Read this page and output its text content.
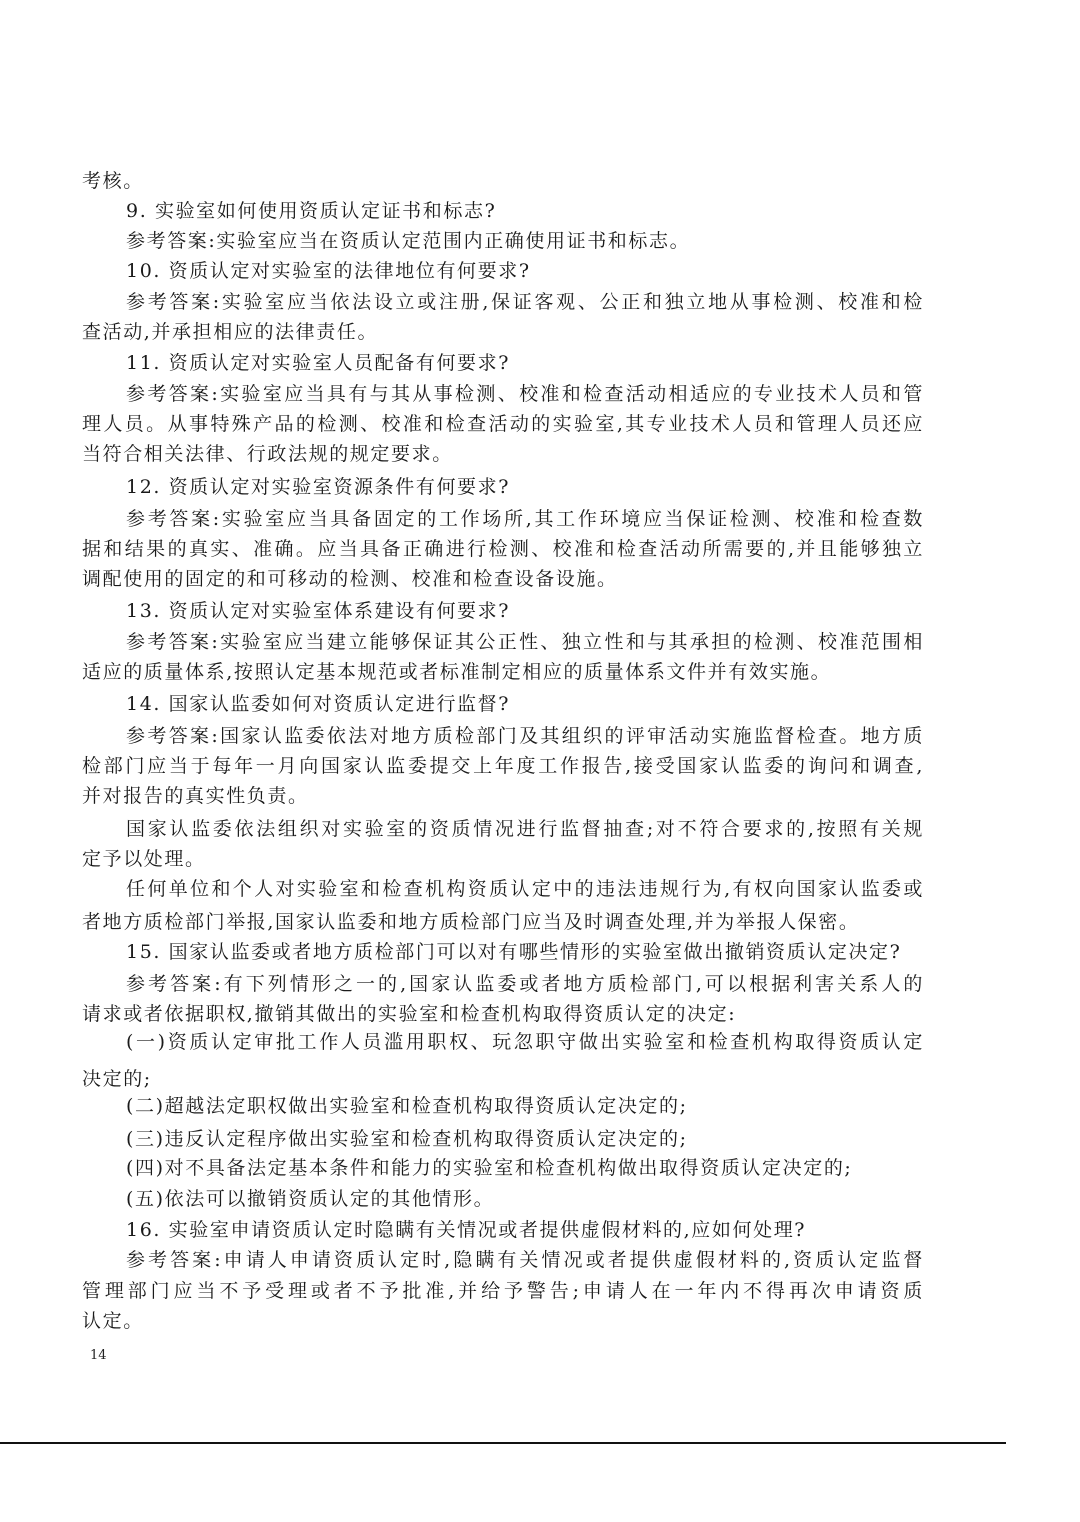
考核。
9. 实验室如何使用资质认定证书和标志?
参考答案:实验室应当在资质认定范围内正确使用证书和标志。
10. 资质认定对实验室的法律地位有何要求?
参考答案:实验室应当依法设立或注册,保证客观、公正和独立地从事检测、校准和检
查活动,并承担相应的法律责任。
11. 资质认定对实验室人员配备有何要求?
参考答案:实验室应当具有与其从事检测、校准和检查活动相适应的专业技术人员和管
理人员。从事特殊产品的检测、校准和检查活动的实验室,其专业技术人员和管理人员还应
当符合相关法律、行政法规的规定要求。
12. 资质认定对实验室资源条件有何要求?
参考答案:实验室应当具备固定的工作场所,其工作环境应当保证检测、校准和检查数
据和结果的真实、准确。应当具备正确进行检测、校准和检查活动所需要的,并且能够独立
调配使用的固定的和可移动的检测、校准和检查设备设施。
13. 资质认定对实验室体系建设有何要求?
参考答案:实验室应当建立能够保证其公正性、独立性和与其承担的检测、校准范围相
适应的质量体系,按照认定基本规范或者标准制定相应的质量体系文件并有效实施。
14. 国家认监委如何对资质认定进行监督?
参考答案:国家认监委依法对地方质检部门及其组织的评审活动实施监督检查。地方质
检部门应当于每年一月向国家认监委提交上年度工作报告,接受国家认监委的询问和调查,
并对报告的真实性负责。
国家认监委依法组织对实验室的资质情况进行监督抽查;对不符合要求的,按照有关规
定予以处理。
任何单位和个人对实验室和检查机构资质认定中的违法违规行为,有权向国家认监委或
者地方质检部门举报,国家认监委和地方质检部门应当及时调查处理,并为举报人保密。
15. 国家认监委或者地方质检部门可以对有哪些情形的实验室做出撤销资质认定决定?
参考答案:有下列情形之一的,国家认监委或者地方质检部门,可以根据利害关系人的
请求或者依据职权,撤销其做出的实验室和检查机构取得资质认定的决定:
(一)资质认定审批工作人员滥用职权、玩忽职守做出实验室和检查机构取得资质认定
决定的;
(二)超越法定职权做出实验室和检查机构取得资质认定决定的;
(三)违反认定程序做出实验室和检查机构取得资质认定决定的;
(四)对不具备法定基本条件和能力的实验室和检查机构做出取得资质认定决定的;
(五)依法可以撤销资质认定的其他情形。
16. 实验室申请资质认定时隐瞒有关情况或者提供虚假材料的,应如何处理?
参考答案:申请人申请资质认定时,隐瞒有关情况或者提供虚假材料的,资质认定监督
管理部门应当不予受理或者不予批准,并给予警告;申请人在一年内不得再次申请资质
认定。
14
